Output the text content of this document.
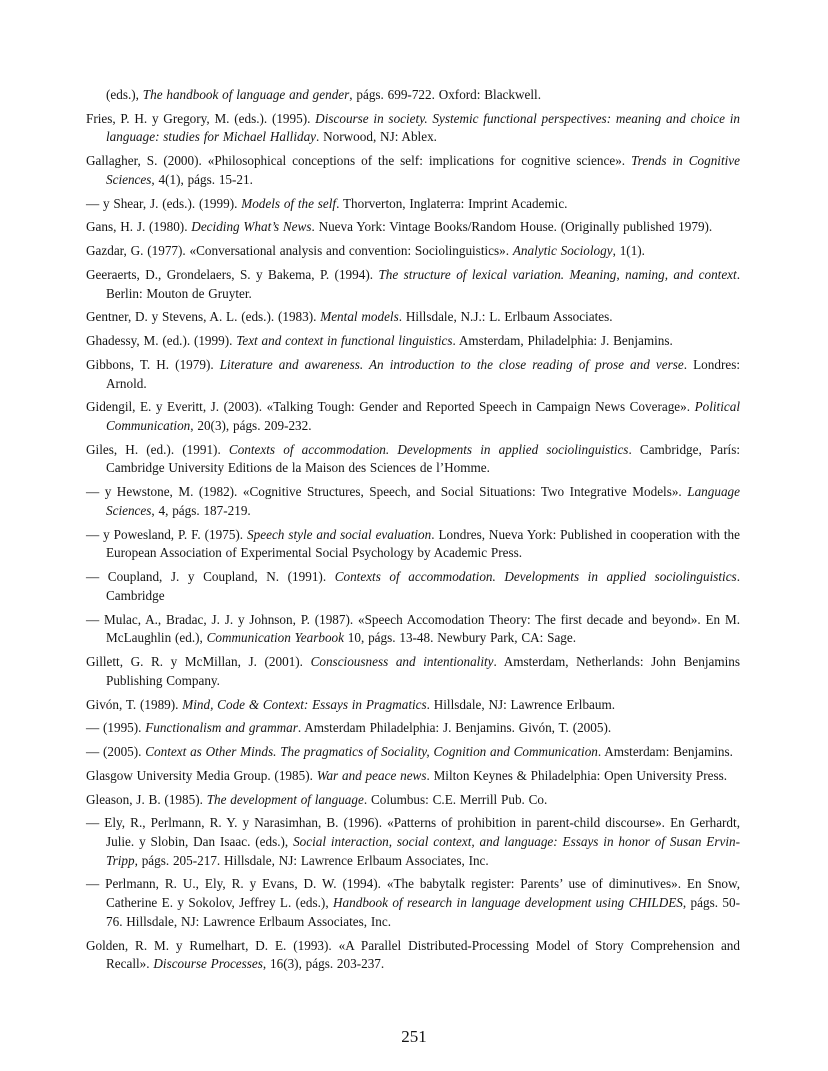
(eds.), The handbook of language and gender, págs. 699-722. Oxford: Blackwell.

Fries, P. H. y Gregory, M. (eds.). (1995). Discourse in society. Systemic functional perspectives: meaning and choice in language: studies for Michael Halliday. Norwood, NJ: Ablex.

Gallagher, S. (2000). «Philosophical conceptions of the self: implications for cognitive science». Trends in Cognitive Sciences, 4(1), págs. 15-21.

— y Shear, J. (eds.). (1999). Models of the self. Thorverton, Inglaterra: Imprint Academic.

Gans, H. J. (1980). Deciding What’s News. Nueva York: Vintage Books/Random House. (Originally published 1979).

Gazdar, G. (1977). «Conversational analysis and convention: Sociolinguistics». Analytic Sociology, 1(1).

Geeraerts, D., Grondelaers, S. y Bakema, P. (1994). The structure of lexical variation. Meaning, naming, and context. Berlin: Mouton de Gruyter.

Gentner, D. y Stevens, A. L. (eds.). (1983). Mental models. Hillsdale, N.J.: L. Erlbaum Associates.

Ghadessy, M. (ed.). (1999). Text and context in functional linguistics. Amsterdam, Philadelphia: J. Benjamins.

Gibbons, T. H. (1979). Literature and awareness. An introduction to the close reading of prose and verse. Londres: Arnold.

Gidengil, E. y Everitt, J. (2003). «Talking Tough: Gender and Reported Speech in Campaign News Coverage». Political Communication, 20(3), págs. 209-232.

Giles, H. (ed.). (1991). Contexts of accommodation. Developments in applied sociolinguistics. Cambridge, París: Cambridge University Editions de la Maison des Sciences de l’Homme.

— y Hewstone, M. (1982). «Cognitive Structures, Speech, and Social Situations: Two Integrative Models». Language Sciences, 4, págs. 187-219.

— y Powesland, P. F. (1975). Speech style and social evaluation. Londres, Nueva York: Published in cooperation with the European Association of Experimental Social Psychology by Academic Press.

— Coupland, J. y Coupland, N. (1991). Contexts of accommodation. Developments in applied sociolinguistics. Cambridge

— Mulac, A., Bradac, J. J. y Johnson, P. (1987). «Speech Accomodation Theory: The first decade and beyond». En M. McLaughlin (ed.), Communication Yearbook 10, págs. 13-48. Newbury Park, CA: Sage.

Gillett, G. R. y McMillan, J. (2001). Consciousness and intentionality. Amsterdam, Netherlands: John Benjamins Publishing Company.

Givón, T. (1989). Mind, Code & Context: Essays in Pragmatics. Hillsdale, NJ: Lawrence Erlbaum.

— (1995). Functionalism and grammar. Amsterdam Philadelphia: J. Benjamins. Givón, T. (2005).

— (2005). Context as Other Minds. The pragmatics of Sociality, Cognition and Communication. Amsterdam: Benjamins.

Glasgow University Media Group. (1985). War and peace news. Milton Keynes & Philadelphia: Open University Press.

Gleason, J. B. (1985). The development of language. Columbus: C.E. Merrill Pub. Co.

— Ely, R., Perlmann, R. Y. y Narasimhan, B. (1996). «Patterns of prohibition in parent-child discourse». En Gerhardt, Julie. y Slobin, Dan Isaac. (eds.), Social interaction, social context, and language: Essays in honor of Susan Ervin-Tripp, págs. 205-217. Hillsdale, NJ: Lawrence Erlbaum Associates, Inc.

— Perlmann, R. U., Ely, R. y Evans, D. W. (1994). «The babytalk register: Parents’ use of diminutives». En Snow, Catherine E. y Sokolov, Jeffrey L. (eds.), Handbook of research in language development using CHILDES, págs. 50-76. Hillsdale, NJ: Lawrence Erlbaum Associates, Inc.

Golden, R. M. y Rumelhart, D. E. (1993). «A Parallel Distributed-Processing Model of Story Comprehension and Recall». Discourse Processes, 16(3), págs. 203-237.

251
